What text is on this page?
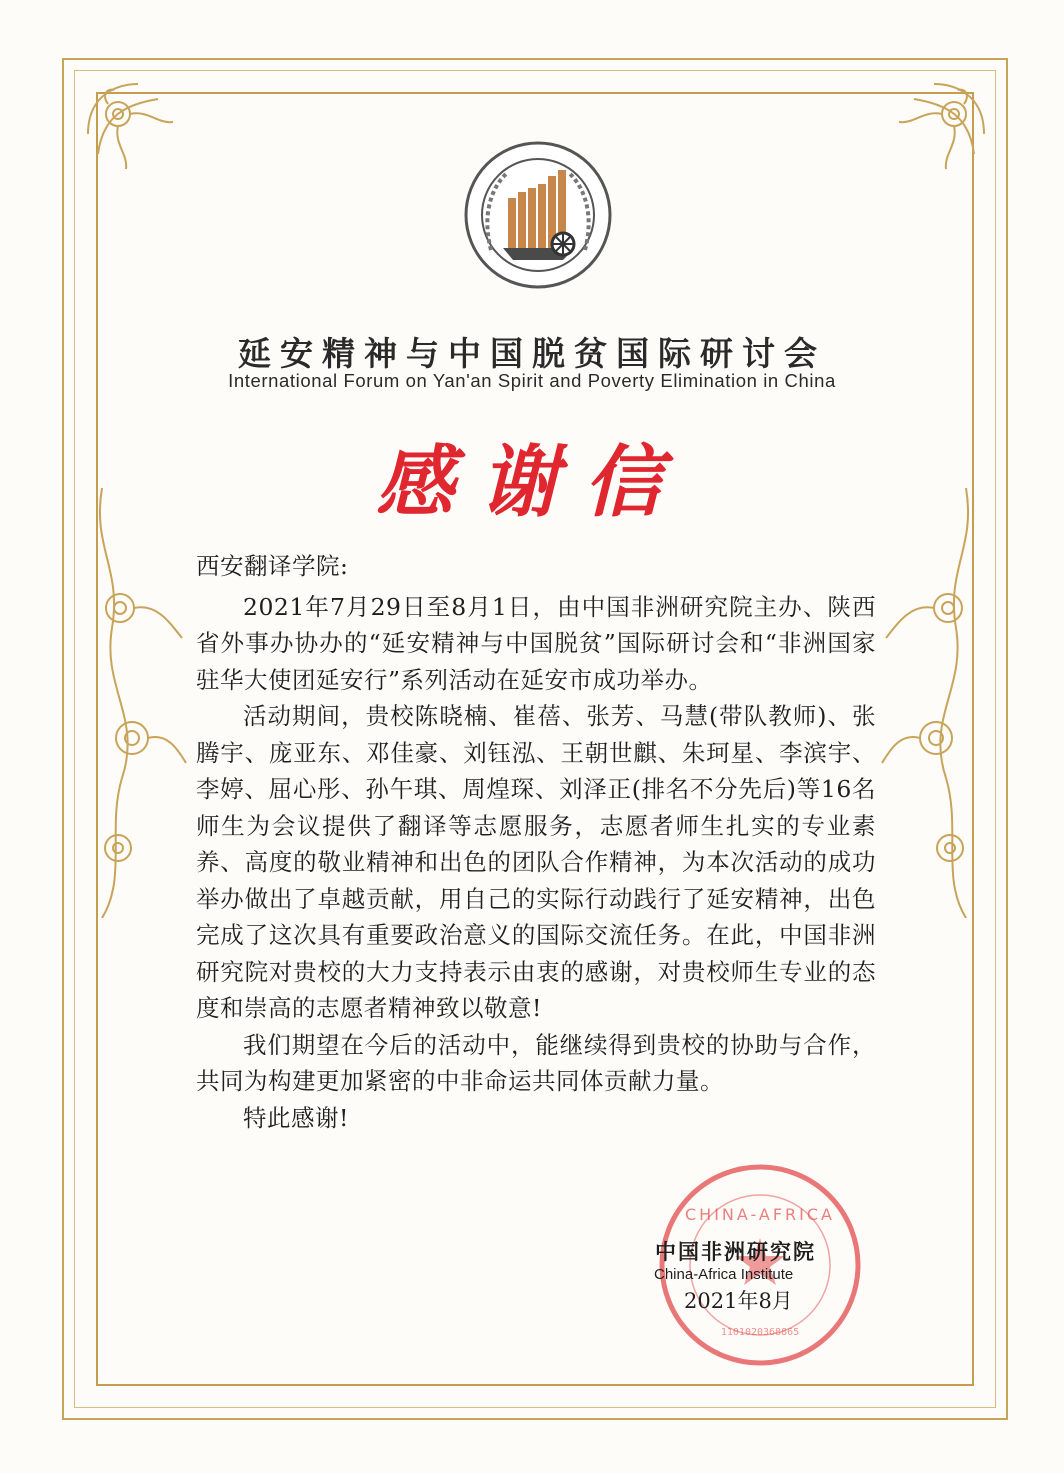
延安精神与中国脱贫国际研讨会
International Forum on Yan'an Spirit and Poverty Elimination in China
感谢信

西安翻译学院:

2021年7月29日至8月1日，由中国非洲研究院主办、陕西省外事办协办的“延安精神与中国脱贫”国际研讨会和“非洲国家驻华大使团延安行”系列活动在延安市成功举办。

活动期间，贵校陈晓楠、崔蓓、张芳、马慧(带队教师)、张腾宇、庞亚东、邓佳豪、刘钰泓、王朝世麒、朱珂星、李滨宇、李婷、屈心彤、孙午琪、周煌琛、刘泽正(排名不分先后)等16名师生为会议提供了翻译等志愿服务，志愿者师生扎实的专业素养、高度的敬业精神和出色的团队合作精神，为本次活动的成功举办做出了卓越贡献，用自己的实际行动践行了延安精神，出色完成了这次具有重要政治意义的国际交流任务。在此，中国非洲研究院对贵校的大力支持表示由衷的感谢，对贵校师生专业的态度和崇高的志愿者精神致以敬意!

我们期望在今后的活动中，能继续得到贵校的协助与合作，共同为构建更加紧密的中非命运共同体贡献力量。

特此感谢!

CHINA-AFRICA
1101020368865
中国非洲研究院
China-Africa Institute
2021年8月
